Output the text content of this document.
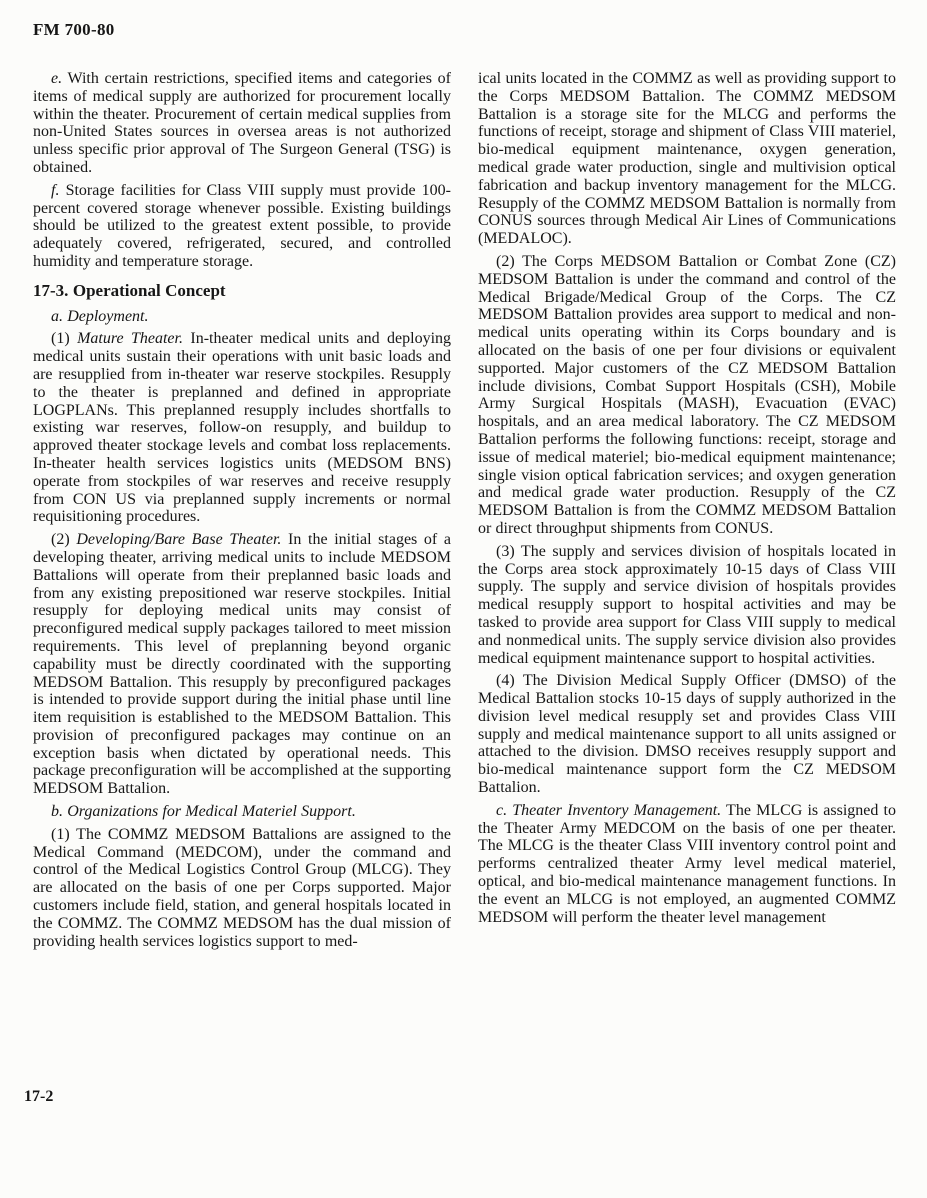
FM 700-80

e. With certain restrictions, specified items and categories of items of medical supply are authorized for procurement locally within the theater. Procurement of certain medical supplies from non-United States sources in oversea areas is not authorized unless specific prior approval of The Surgeon General (TSG) is obtained.

f. Storage facilities for Class VIII supply must provide 100-percent covered storage whenever possible. Existing buildings should be utilized to the greatest extent possible, to provide adequately covered, refrigerated, secured, and controlled humidity and temperature storage.

17-3. Operational Concept

a. Deployment.

(1) Mature Theater. In-theater medical units and deploying medical units sustain their operations with unit basic loads and are resupplied from in-theater war reserve stockpiles. Resupply to the theater is preplanned and defined in appropriate LOGPLANs. This preplanned resupply includes shortfalls to existing war reserves, follow-on resupply, and buildup to approved theater stockage levels and combat loss replacements. In-theater health services logistics units (MEDSOM BNS) operate from stockpiles of war reserves and receive resupply from CON US via preplanned supply increments or normal requisitioning procedures.

(2) Developing/Bare Base Theater. In the initial stages of a developing theater, arriving medical units to include MEDSOM Battalions will operate from their preplanned basic loads and from any existing prepositioned war reserve stockpiles. Initial resupply for deploying medical units may consist of preconfigured medical supply packages tailored to meet mission requirements. This level of preplanning beyond organic capability must be directly coordinated with the supporting MEDSOM Battalion. This resupply by preconfigured packages is intended to provide support during the initial phase until line item requisition is established to the MEDSOM Battalion. This provision of preconfigured packages may continue on an exception basis when dictated by operational needs. This package preconfiguration will be accomplished at the supporting MEDSOM Battalion.

b. Organizations for Medical Materiel Support.

(1) The COMMZ MEDSOM Battalions are assigned to the Medical Command (MEDCOM), under the command and control of the Medical Logistics Control Group (MLCG). They are allocated on the basis of one per Corps supported. Major customers include field, station, and general hospitals located in the COMMZ. The COMMZ MEDSOM has the dual mission of providing health services logistics support to med-

ical units located in the COMMZ as well as providing support to the Corps MEDSOM Battalion. The COMMZ MEDSOM Battalion is a storage site for the MLCG and performs the functions of receipt, storage and shipment of Class VIII materiel, bio-medical equipment maintenance, oxygen generation, medical grade water production, single and multivision optical fabrication and backup inventory management for the MLCG. Resupply of the COMMZ MEDSOM Battalion is normally from CONUS sources through Medical Air Lines of Communications (MEDALOC).

(2) The Corps MEDSOM Battalion or Combat Zone (CZ) MEDSOM Battalion is under the command and control of the Medical Brigade/Medical Group of the Corps. The CZ MEDSOM Battalion provides area support to medical and non-medical units operating within its Corps boundary and is allocated on the basis of one per four divisions or equivalent supported. Major customers of the CZ MEDSOM Battalion include divisions, Combat Support Hospitals (CSH), Mobile Army Surgical Hospitals (MASH), Evacuation (EVAC) hospitals, and an area medical laboratory. The CZ MEDSOM Battalion performs the following functions: receipt, storage and issue of medical materiel; bio-medical equipment maintenance; single vision optical fabrication services; and oxygen generation and medical grade water production. Resupply of the CZ MEDSOM Battalion is from the COMMZ MEDSOM Battalion or direct throughput shipments from CONUS.

(3) The supply and services division of hospitals located in the Corps area stock approximately 10-15 days of Class VIII supply. The supply and service division of hospitals provides medical resupply support to hospital activities and may be tasked to provide area support for Class VIII supply to medical and nonmedical units. The supply service division also provides medical equipment maintenance support to hospital activities.

(4) The Division Medical Supply Officer (DMSO) of the Medical Battalion stocks 10-15 days of supply authorized in the division level medical resupply set and provides Class VIII supply and medical maintenance support to all units assigned or attached to the division. DMSO receives resupply support and bio-medical maintenance support form the CZ MEDSOM Battalion.

c. Theater Inventory Management. The MLCG is assigned to the Theater Army MEDCOM on the basis of one per theater. The MLCG is the theater Class VIII inventory control point and performs centralized theater Army level medical materiel, optical, and bio-medical maintenance management functions. In the event an MLCG is not employed, an augmented COMMZ MEDSOM will perform the theater level management

17-2
